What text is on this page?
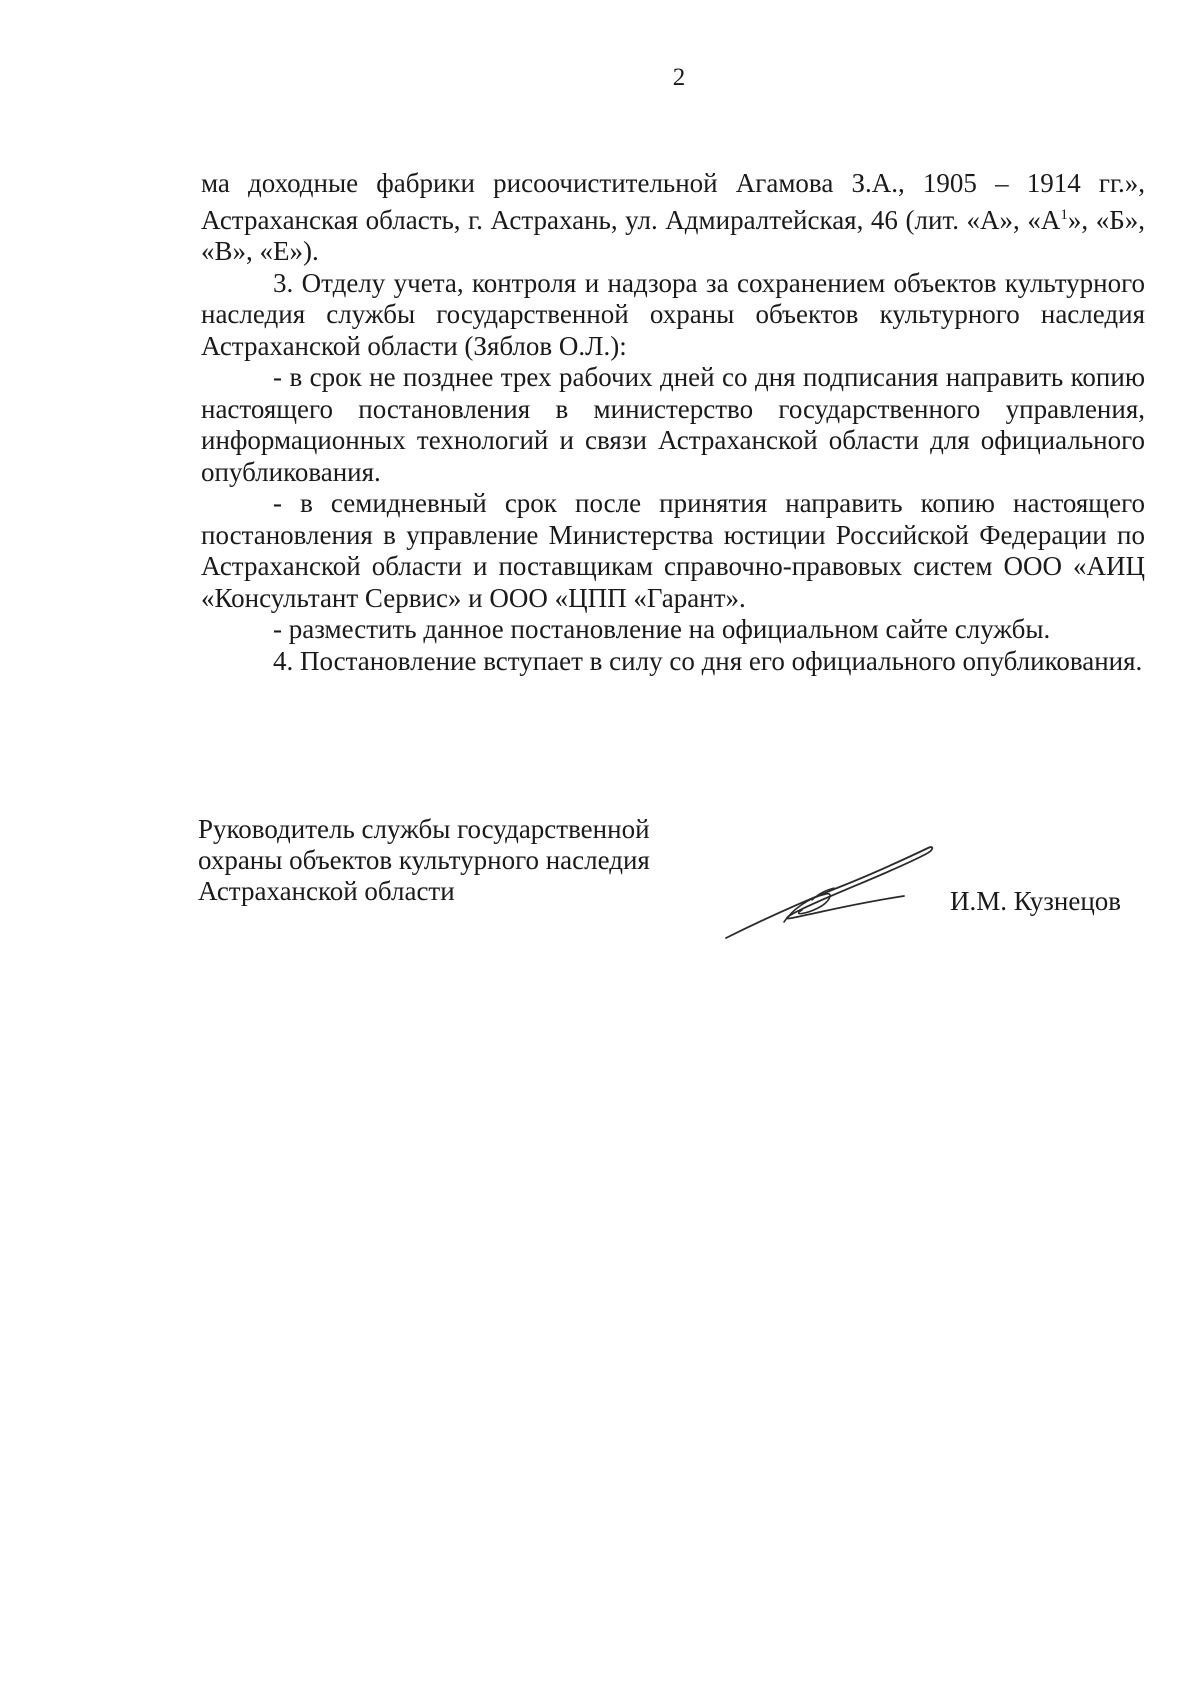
2

ма доходные фабрики рисоочистительной Агамова З.А., 1905 – 1914 гг.», Астраханская область, г. Астрахань, ул. Адмиралтейская, 46 (лит. «А», «$А^1$», «Б», «В», «Е»).

3. Отделу учета, контроля и надзора за сохранением объектов культурного наследия службы государственной охраны объектов культурного наследия Астраханской области (Зяблов О.Л.):

- в срок не позднее трех рабочих дней со дня подписания направить копию настоящего постановления в министерство государственного управления, информационных технологий и связи Астраханской области для официального опубликования.

- в семидневный срок после принятия направить копию настоящего постановления в управление Министерства юстиции Российской Федерации по Астраханской области и поставщикам справочно-правовых систем ООО «АИЦ «Консультант Сервис» и ООО «ЦПП «Гарант».

- разместить данное постановление на официальном сайте службы.

4. Постановление вступает в силу со дня его официального опубликования.

Руководитель службы государственной
охраны объектов культурного наследия
Астраханской области	И.М. Кузнецов
